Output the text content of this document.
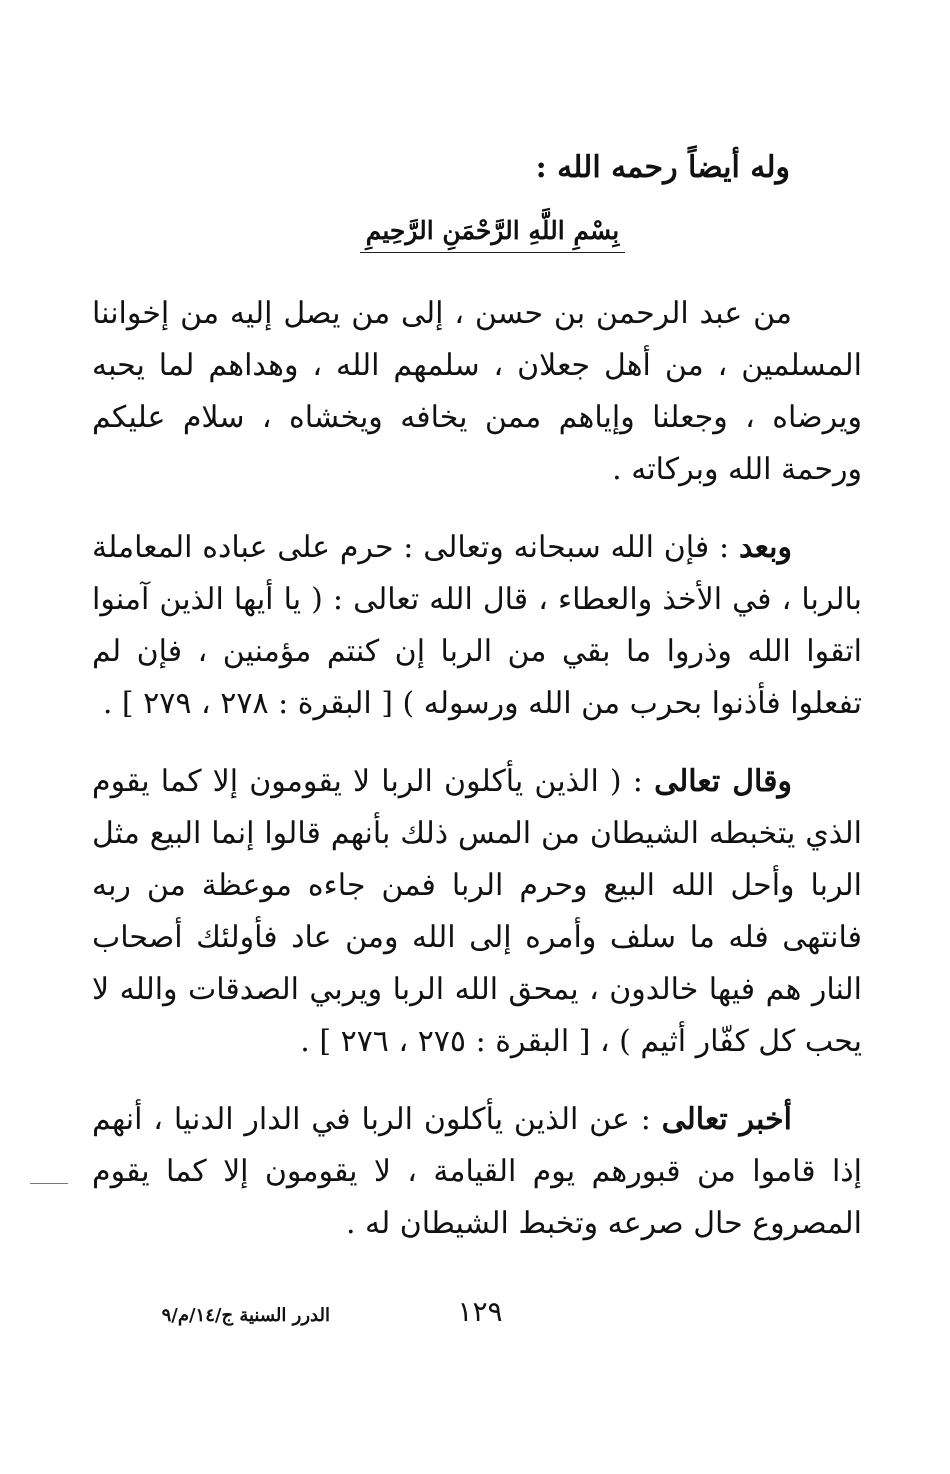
وله أيضاً رحمه الله :
بِسْمِ اللَّهِ الرَّحْمَنِ الرَّحِيمِ

من عبد الرحمن بن حسن ، إلى من يصل إليه من إخواننا المسلمين ، من أهل جعلان ، سلمهم الله ، وهداهم لما يحبه ويرضاه ، وجعلنا وإياهم ممن يخافه ويخشاه ، سلام عليكم ورحمة الله وبركاته .

وبعد : فإن الله سبحانه وتعالى : حرم على عباده المعاملة بالربا ، في الأخذ والعطاء ، قال الله تعالى : ( يا أيها الذين آمنوا اتقوا الله وذروا ما بقي من الربا إن كنتم مؤمنين ، فإن لم تفعلوا فأذنوا بحرب من الله ورسوله ) [ البقرة : ٢٧٨ ، ٢٧٩ ] .

وقال تعالى : ( الذين يأكلون الربا لا يقومون إلا كما يقوم الذي يتخبطه الشيطان من المس ذلك بأنهم قالوا إنما البيع مثل الربا وأحل الله البيع وحرم الربا فمن جاءه موعظة من ربه فانتهى فله ما سلف وأمره إلى الله ومن عاد فأولئك أصحاب النار هم فيها خالدون ، يمحق الله الربا ويربي الصدقات والله لا يحب كل كفّار أثيم ) ، [ البقرة : ٢٧٥ ، ٢٧٦ ] .

أخبر تعالى : عن الذين يأكلون الربا في الدار الدنيا ، أنهم إذا قاموا من قبورهم يوم القيامة ، لا يقومون إلا كما يقوم المصروع حال صرعه وتخبط الشيطان له .

١٢٩
الدرر السنية ج/١٤/م/٩
